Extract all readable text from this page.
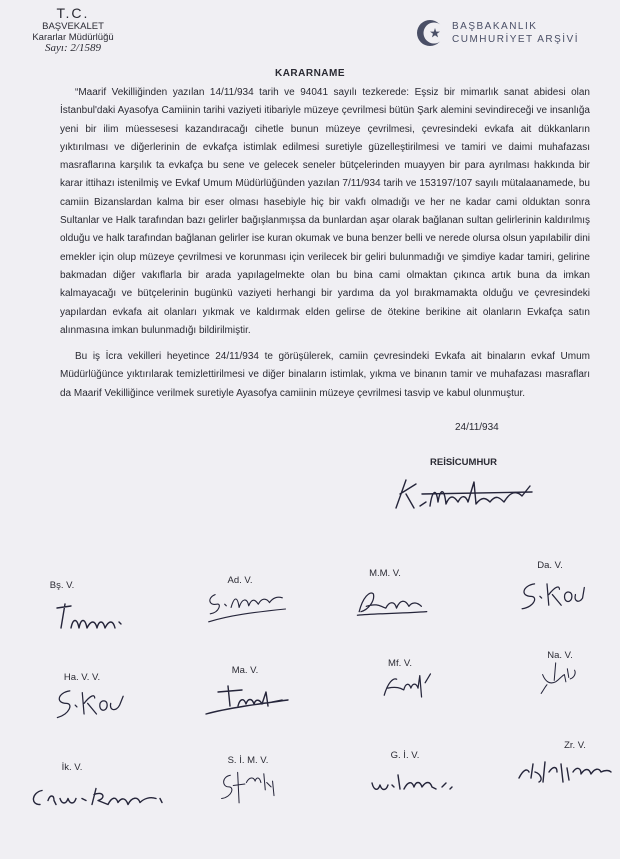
T.C.
BAŞVEKALET
Kararlar Müdürlüğü
Sayı: 2/1589
BAŞBAKANLIK
CUMHURİYET ARŞİVİ
KARARNAME

“Maarif Vekilliğinden yazılan 14/11/934 tarih ve 94041 sayılı tezkerede: Eşsiz bir mimarlık sanat abidesi olan İstanbul'daki Ayasofya Camiinin tarihi vaziyeti itibariyle müzeye çevrilmesi bütün Şark alemini sevindireceği ve insanlığa yeni bir ilim müessesesi kazandıracağı cihetle bunun müzeye çevrilmesi, çevresindeki evkafa ait dükkanların yıktırılması ve diğerlerinin de evkafça istimlak edilmesi suretiyle güzelleştirilmesi ve tamiri ve daimi muhafazası masraflarına karşılık ta evkafça bu sene ve gelecek seneler bütçelerinden muayyen bir para ayrılması hakkında bir karar ittihazı istenilmiş ve Evkaf Umum Müdürlüğünden yazılan 7/11/934 tarih ve 153197/107 sayılı mütalaanamede, bu camiin Bizanslardan kalma bir eser olması hasebiyle hiç bir vakfı olmadığı ve her ne kadar cami olduktan sonra Sultanlar ve Halk tarafından bazı gelirler bağışlanmışsa da bunlardan aşar olarak bağlanan sultan gelirlerinin kaldırılmış olduğu ve halk tarafından bağlanan gelirler ise kuran okumak ve buna benzer belli ve nerede olursa olsun yapılabilir dini emekler için olup müzeye çevrilmesi ve korunması için verilecek bir geliri bulunmadığı ve şimdiye kadar tamiri, gelirine bakmadan diğer vakıflarla bir arada yapılagelmekte olan bu bina cami olmaktan çıkınca artık buna da imkan kalmayacağı ve bütçelerinin bugünkü vaziyeti herhangi bir yardıma da yol bırakmamakta olduğu ve çevresindeki yapılardan evkafa ait olanları yıkmak ve kaldırmak elden gelirse de ötekine berikine ait olanların Evkafça satın alınmasına imkan bulunmadığı bildirilmiştir.

Bu iş İcra vekilleri heyetince 24/11/934 te görüşülerek, camiin çevresindeki Evkafa ait binaların evkaf Umum Müdürlüğünce yıktırılarak temizlettirilmesi ve diğer binaların istimlak, yıkma ve binanın tamir ve muhafazası masrafları da Maarif Vekilliğince verilmek suretiyle Ayasofya camiinin müzeye çevrilmesi tasvip ve kabul olunmuştur.

24/11/934
REİSİCUMHUR
Bş. V.	Ad. V.
M.M. V.
Da. V.
Ha. V. V.
Ma. V.
Mf. V.
Na. V.
İk. V.
S. İ. M. V.	G. İ. V.
Zr. V.
